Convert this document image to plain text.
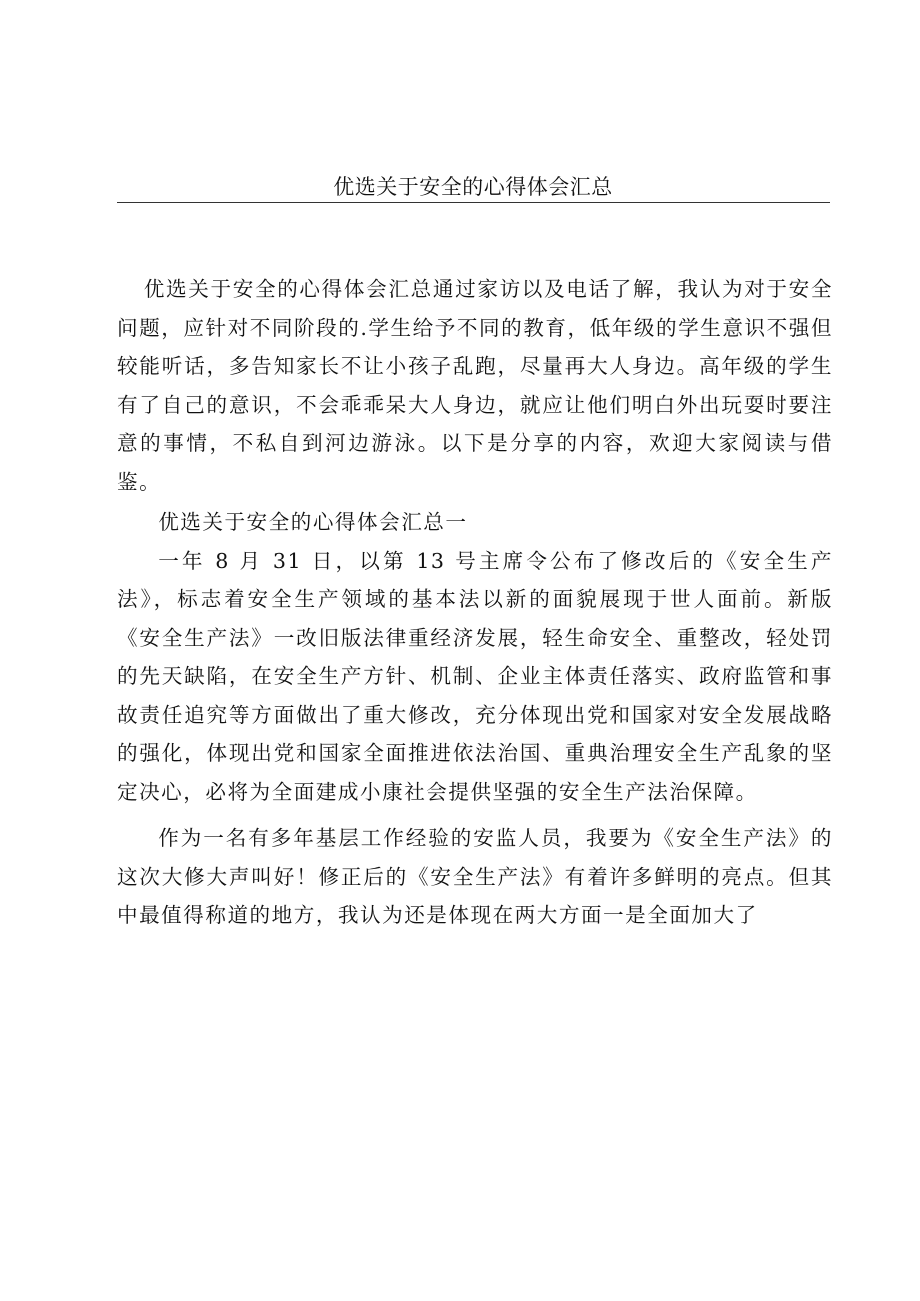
优选关于安全的心得体会汇总

优选关于安全的心得体会汇总通过家访以及电话了解，我认为对于安全问题，应针对不同阶段的.学生给予不同的教育，低年级的学生意识不强但较能听话，多告知家长不让小孩子乱跑，尽量再大人身边。高年级的学生有了自己的意识，不会乖乖呆大人身边，就应让他们明白外出玩耍时要注意的事情，不私自到河边游泳。以下是分享的内容，欢迎大家阅读与借鉴。

优选关于安全的心得体会汇总一

一年 8 月 31 日，以第 13 号主席令公布了修改后的《安全生产法》，标志着安全生产领域的基本法以新的面貌展现于世人面前。新版《安全生产法》一改旧版法律重经济发展，轻生命安全、重整改，轻处罚的先天缺陷，在安全生产方针、机制、企业主体责任落实、政府监管和事故责任追究等方面做出了重大修改，充分体现出党和国家对安全发展战略的强化，体现出党和国家全面推进依法治国、重典治理安全生产乱象的坚定决心，必将为全面建成小康社会提供坚强的安全生产法治保障。

作为一名有多年基层工作经验的安监人员，我要为《安全生产法》的这次大修大声叫好！修正后的《安全生产法》有着许多鲜明的亮点。但其中最值得称道的地方，我认为还是体现在两大方面一是全面加大了
